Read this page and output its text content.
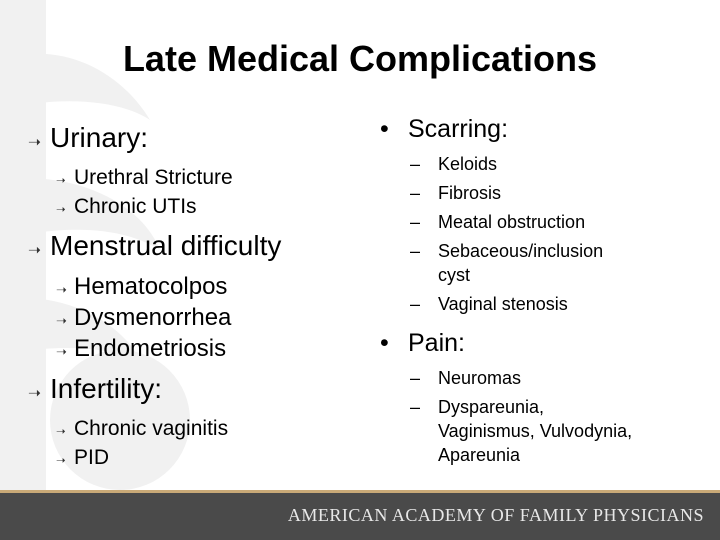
Late Medical Complications
➝ Urinary:
➝ Urethral Stricture
➝ Chronic UTIs
➝ Menstrual difficulty
➝ Hematocolpos
➝ Dysmenorrhea
➝ Endometriosis
➝ Infertility:
➝ Chronic vaginitis
➝ PID
• Scarring:
– Keloids
– Fibrosis
– Meatal obstruction
– Sebaceous/inclusion cyst
– Vaginal stenosis
• Pain:
– Neuromas
– Dyspareunia, Vaginismus, Vulvodynia, Apareunia
AMERICAN ACADEMY OF FAMILY PHYSICIANS
